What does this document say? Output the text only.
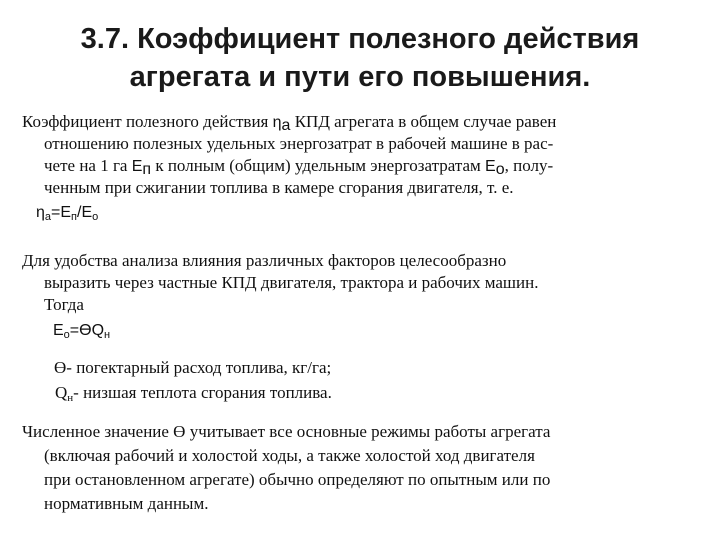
3.7. Коэффициент полезного действия
агрегата и пути его повышения.
Коэффициент полезного действия $\eta_а$ КПД агрегата в общем случае равен
отношению полезных удельных энергозатрат в рабочей машине в рас-
чете на 1 га $E_п$ к полным (общим) удельным энергозатратам $E_о$, полу-
ченным при сжигании топлива в камере сгорания двигателя, т. е.
$\eta_а=E_п/E_о$
Для удобства анализа влияния различных факторов целесообразно
выразить через частные КПД двигателя, трактора и рабочих машин.
Тогда
$E_о=ӨQ_н$
Ө- погектарный расход топлива, кг/га;
$Q_н-$ низшая теплота сгорания топлива.
Численное значение Ө учитывает все основные режимы работы агрегата
(включая рабочий и холостой ходы, а также холостой ход двигателя
при остановленном агрегате) обычно определяют по опытным или по
нормативным данным.
